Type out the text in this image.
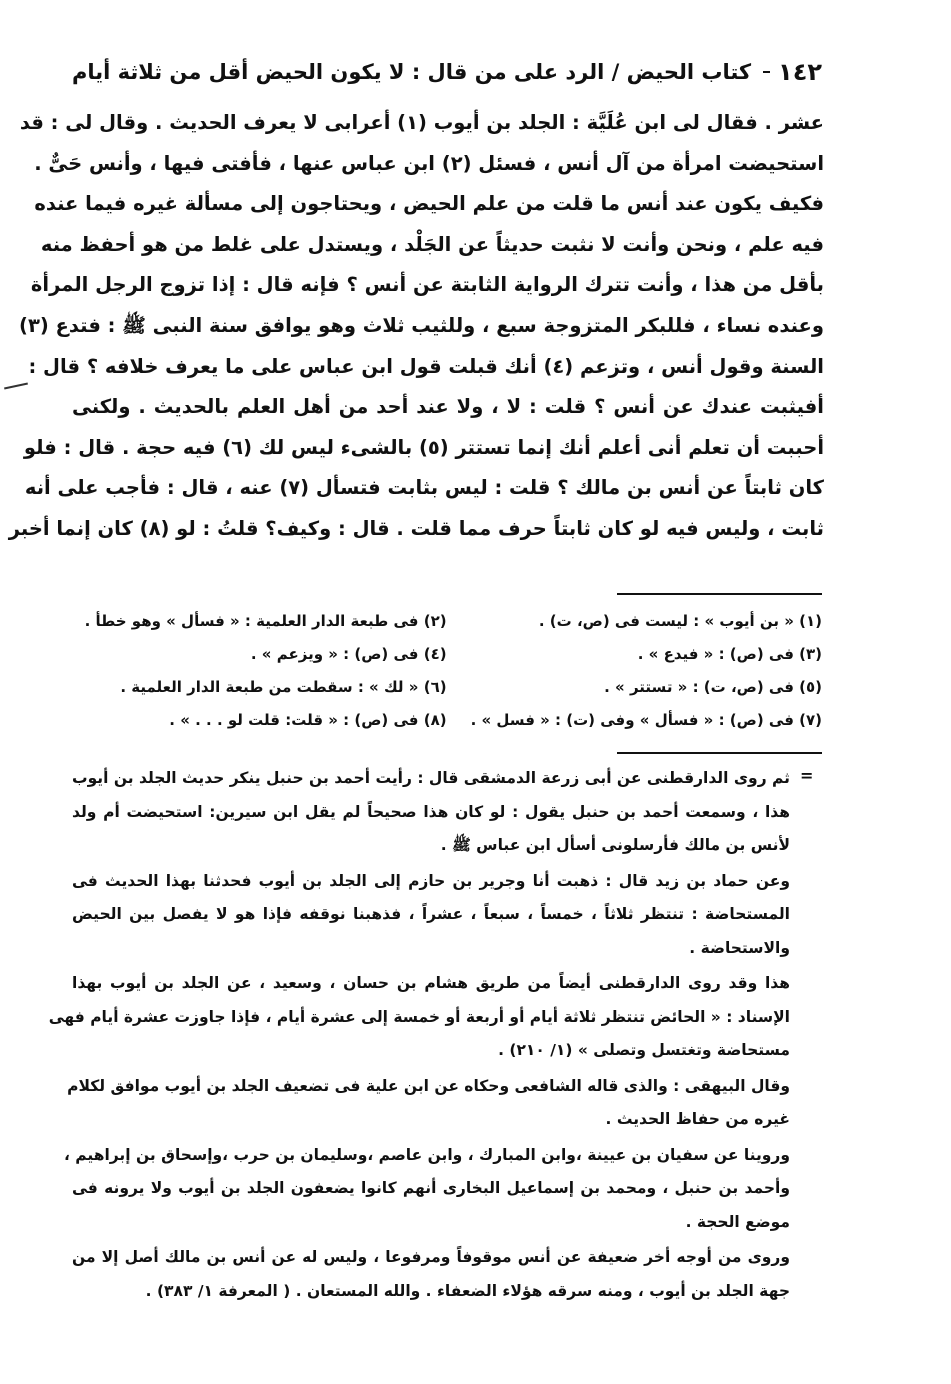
١٤٢
كتاب الحيض / الرد على من قال : لا يكون الحيض أقل من ثلاثة أيام
عشر . فقال لى ابن عُلَيَّة : الجلد بن أيوب (١) أعرابى لا يعرف الحديث . وقال لى : قد
استحيضت امرأة من آل أنس ، فسئل (٢) ابن عباس عنها ، فأفتى فيها ، وأنس حَىٌّ .
فكيف يكون عند أنس ما قلت من علم الحيض ، ويحتاجون إلى مسألة غيره فيما عنده
فيه علم ، ونحن وأنت لا نثبت حديثاً عن الجَلْد ، ويستدل على غلط من هو أحفظ منه
بأقل من هذا ، وأنت تترك الرواية الثابتة عن أنس ؟ فإنه قال : إذا تزوج الرجل المرأة
وعنده نساء ، فللبكر المتزوجة سبع ، وللثيب ثلاث وهو يوافق سنة النبى ﷺ : فتدع (٣)
السنة وقول أنس ، وتزعم (٤) أنك قبلت قول ابن عباس على ما يعرف خلافه ؟ قال :
أفيثبت عندك عن أنس ؟ قلت : لا ، ولا عند أحد من أهل العلم بالحديث . ولكنى
أحببت أن تعلم أنى أعلم أنك إنما تستتر (٥) بالشىء ليس لك (٦) فيه حجة . قال : فلو
كان ثابتاً عن أنس بن مالك ؟ قلت : ليس بثابت فتسأل (٧) عنه ، قال : فأجب على أنه
ثابت ، وليس فيه لو كان ثابتاً حرف مما قلت . قال : وكيف؟ قلتُ : لو (٨) كان إنما أخبر
(١) « بن أيوب » : ليست فى (ص، ت) .
(٢) فى طبعة الدار العلمية : « فسأل » وهو خطأ .
(٣) فى (ص) : « فيدع » .
(٤) فى (ص) : « ويزعم » .
(٥) فى (ص، ت) : « تستتر » .
(٦) « لك » : سقطت من طبعة الدار العلمية .
(٧) فى (ص) : « فسأل » وفى (ت) : « فسل » .
(٨) فى (ص) : « قلت: قلت لو . . . » .
=
ثم روى الدارقطنى عن أبى زرعة الدمشقى قال : رأيت أحمد بن حنبل ينكر حديث الجلد بن أيوب
هذا ، وسمعت أحمد بن حنبل يقول : لو كان هذا صحيحاً لم يقل ابن سيرين: استحيضت أم ولد
لأنس بن مالك فأرسلونى أسأل ابن عباس ﷺ .
وعن حماد بن زيد قال : ذهبت أنا وجرير بن حازم إلى الجلد بن أيوب فحدثنا بهذا الحديث فى
المستحاضة : تنتظر ثلاثاً ، خمساً ، سبعاً ، عشراً ، فذهبنا نوقفه فإذا هو لا يفصل بين الحيض
والاستحاضة .
هذا وقد روى الدارقطنى أيضاً من طريق هشام بن حسان ، وسعيد ، عن الجلد بن أيوب بهذا
الإسناد : « الحائض تنتظر ثلاثة أيام أو أربعة أو خمسة إلى عشرة أيام ، فإذا جاوزت عشرة أيام فهى
مستحاضة وتغتسل وتصلى » (١/ ٢١٠) .
وقال البيهقى : والذى قاله الشافعى وحكاه عن ابن علية فى تضعيف الجلد بن أيوب موافق لكلام
غيره من حفاظ الحديث .
وروينا عن سفيان بن عيينة ،وابن المبارك ، وابن عاصم ،وسليمان بن حرب ،وإسحاق بن إبراهيم ،
وأحمد بن حنبل ، ومحمد بن إسماعيل البخارى أنهم كانوا يضعفون الجلد بن أيوب ولا يرونه فى
موضع الحجة .
وروى من أوجه أخر ضعيفة عن أنس موقوفاً ومرفوعا ، وليس له عن أنس بن مالك أصل إلا من
جهة الجلد بن أيوب ، ومنه سرقه هؤلاء الضعفاء . والله المستعان . ( المعرفة ١/ ٣٨٣) .
